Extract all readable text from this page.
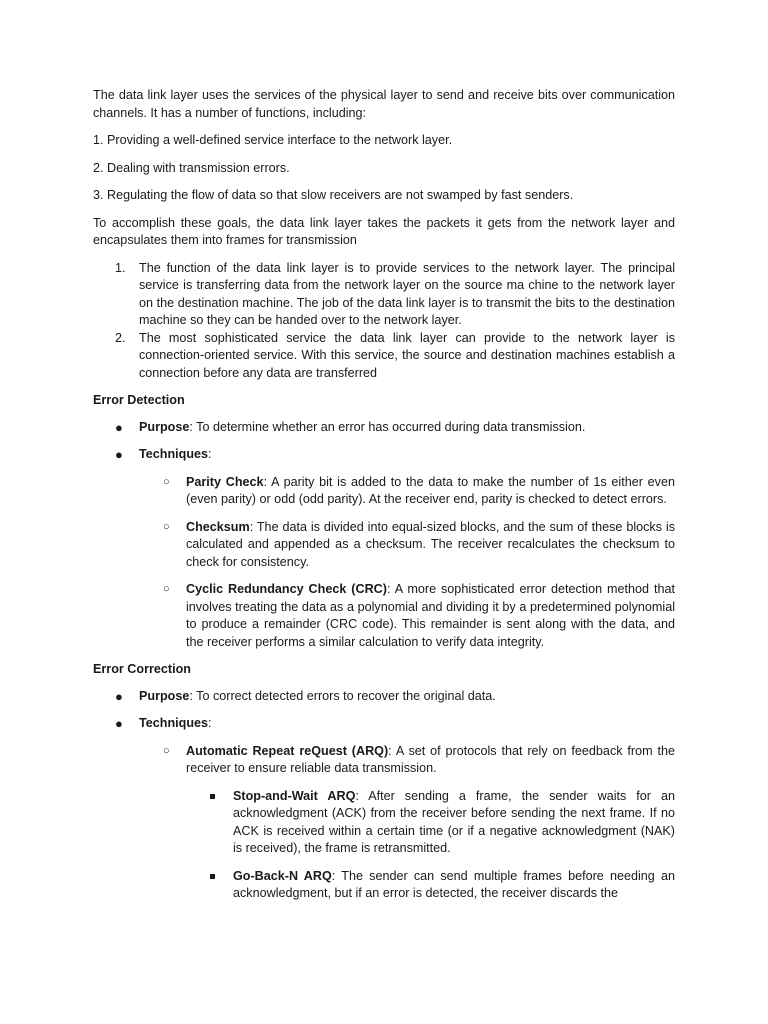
The data link layer uses the services of the physical layer to send and receive bits over communication channels. It has a number of functions, including:

1. Providing a well-defined service interface to the network layer.

2. Dealing with transmission errors.

3. Regulating the flow of data so that slow receivers are not swamped by fast senders.

To accomplish these goals, the data link layer takes the packets it gets from the network layer and encapsulates them into frames for transmission

1. The function of the data link layer is to provide services to the network layer. The principal service is transferring data from the network layer on the source ma chine to the network layer on the destination machine. The job of the data link layer is to transmit the bits to the destination machine so they can be handed over to the network layer.
2. The most sophisticated service the data link layer can provide to the network layer is connection-oriented service. With this service, the source and destination machines establish a connection before any data are transferred

Error Detection

● Purpose: To determine whether an error has occurred during data transmission.
● Techniques:
○ Parity Check: A parity bit is added to the data to make the number of 1s either even (even parity) or odd (odd parity). At the receiver end, parity is checked to detect errors.
○ Checksum: The data is divided into equal-sized blocks, and the sum of these blocks is calculated and appended as a checksum. The receiver recalculates the checksum to check for consistency.
○ Cyclic Redundancy Check (CRC): A more sophisticated error detection method that involves treating the data as a polynomial and dividing it by a predetermined polynomial to produce a remainder (CRC code). This remainder is sent along with the data, and the receiver performs a similar calculation to verify data integrity.

Error Correction

● Purpose: To correct detected errors to recover the original data.
● Techniques:
○ Automatic Repeat reQuest (ARQ): A set of protocols that rely on feedback from the receiver to ensure reliable data transmission.
Stop-and-Wait ARQ: After sending a frame, the sender waits for an acknowledgment (ACK) from the receiver before sending the next frame. If no ACK is received within a certain time (or if a negative acknowledgment (NAK) is received), the frame is retransmitted.
Go-Back-N ARQ: The sender can send multiple frames before needing an acknowledgment, but if an error is detected, the receiver discards the
